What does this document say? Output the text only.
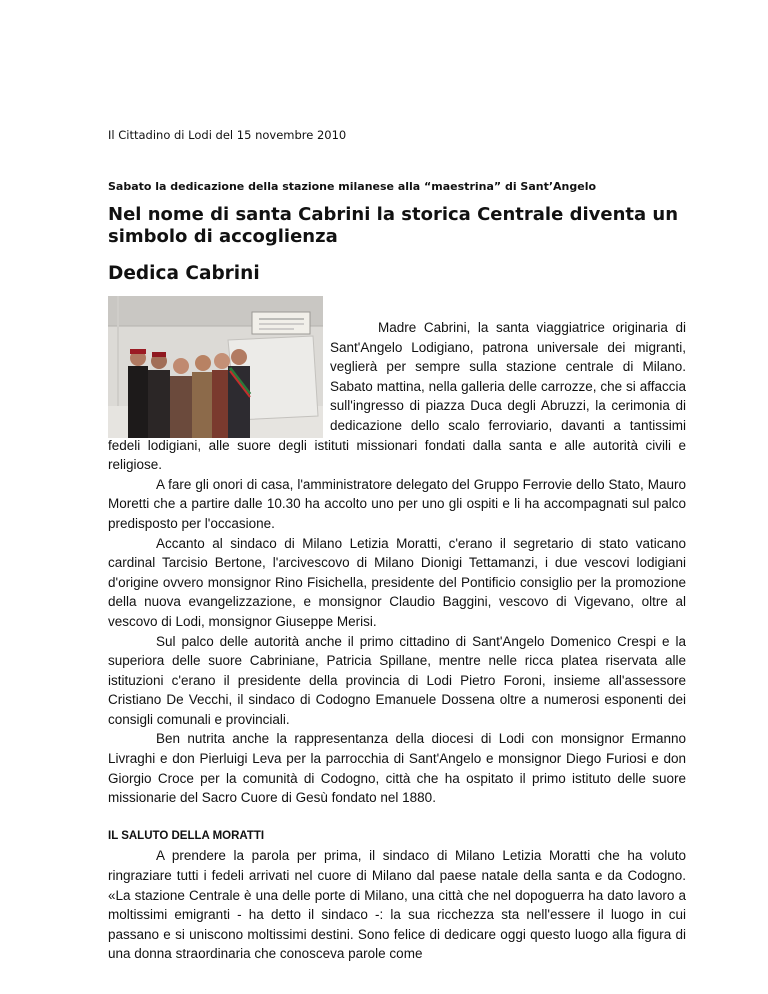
Il Cittadino di Lodi del 15 novembre 2010
Sabato la dedicazione della stazione milanese alla “maestrina” di Sant’Angelo
Nel nome di santa Cabrini la storica Centrale diventa un simbolo di accoglienza
Dedica Cabrini

Madre Cabrini, la santa viaggiatrice originaria di Sant'Angelo Lodigiano, patrona universale dei migranti, veglierà per sempre sulla stazione centrale di Milano. Sabato mattina, nella galleria delle carrozze, che si affaccia sull'ingresso di piazza Duca degli Abruzzi, la cerimonia di dedicazione dello scalo ferroviario, davanti a tantissimi fedeli lodigiani, alle suore degli istituti missionari fondati dalla santa e alle autorità civili e religiose.

A fare gli onori di casa, l'amministratore delegato del Gruppo Ferrovie dello Stato, Mauro Moretti che a partire dalle 10.30 ha accolto uno per uno gli ospiti e li ha accompagnati sul palco predisposto per l'occasione.

Accanto al sindaco di Milano Letizia Moratti, c'erano il segretario di stato vaticano cardinal Tarcisio Bertone, l'arcivescovo di Milano Dionigi Tettamanzi, i due vescovi lodigiani d'origine ovvero monsignor Rino Fisichella, presidente del Pontificio consiglio per la promozione della nuova evangelizzazione, e monsignor Claudio Baggini, vescovo di Vigevano, oltre al vescovo di Lodi, monsignor Giuseppe Merisi.

Sul palco delle autorità anche il primo cittadino di Sant'Angelo Domenico Crespi e la superiora delle suore Cabriniane, Patricia Spillane, mentre nelle ricca platea riservata alle istituzioni c'erano il presidente della provincia di Lodi Pietro Foroni, insieme all'assessore Cristiano De Vecchi, il sindaco di Codogno Emanuele Dossena oltre a numerosi esponenti dei consigli comunali e provinciali.

Ben nutrita anche la rappresentanza della diocesi di Lodi con monsignor Ermanno Livraghi e don Pierluigi Leva per la parrocchia di Sant'Angelo e monsignor Diego Furiosi e don Giorgio Croce per la comunità di Codogno, città che ha ospitato il primo istituto delle suore missionarie del Sacro Cuore di Gesù fondato nel 1880.

IL SALUTO DELLA MORATTI

A prendere la parola per prima, il sindaco di Milano Letizia Moratti che ha voluto ringraziare tutti i fedeli arrivati nel cuore di Milano dal paese natale della santa e da Codogno. «La stazione Centrale è una delle porte di Milano, una città che nel dopoguerra ha dato lavoro a moltissimi emigranti - ha detto il sindaco -: la sua ricchezza sta nell'essere il luogo in cui passano e si uniscono moltissimi destini. Sono felice di dedicare oggi questo luogo alla figura di una donna straordinaria che conosceva parole come
